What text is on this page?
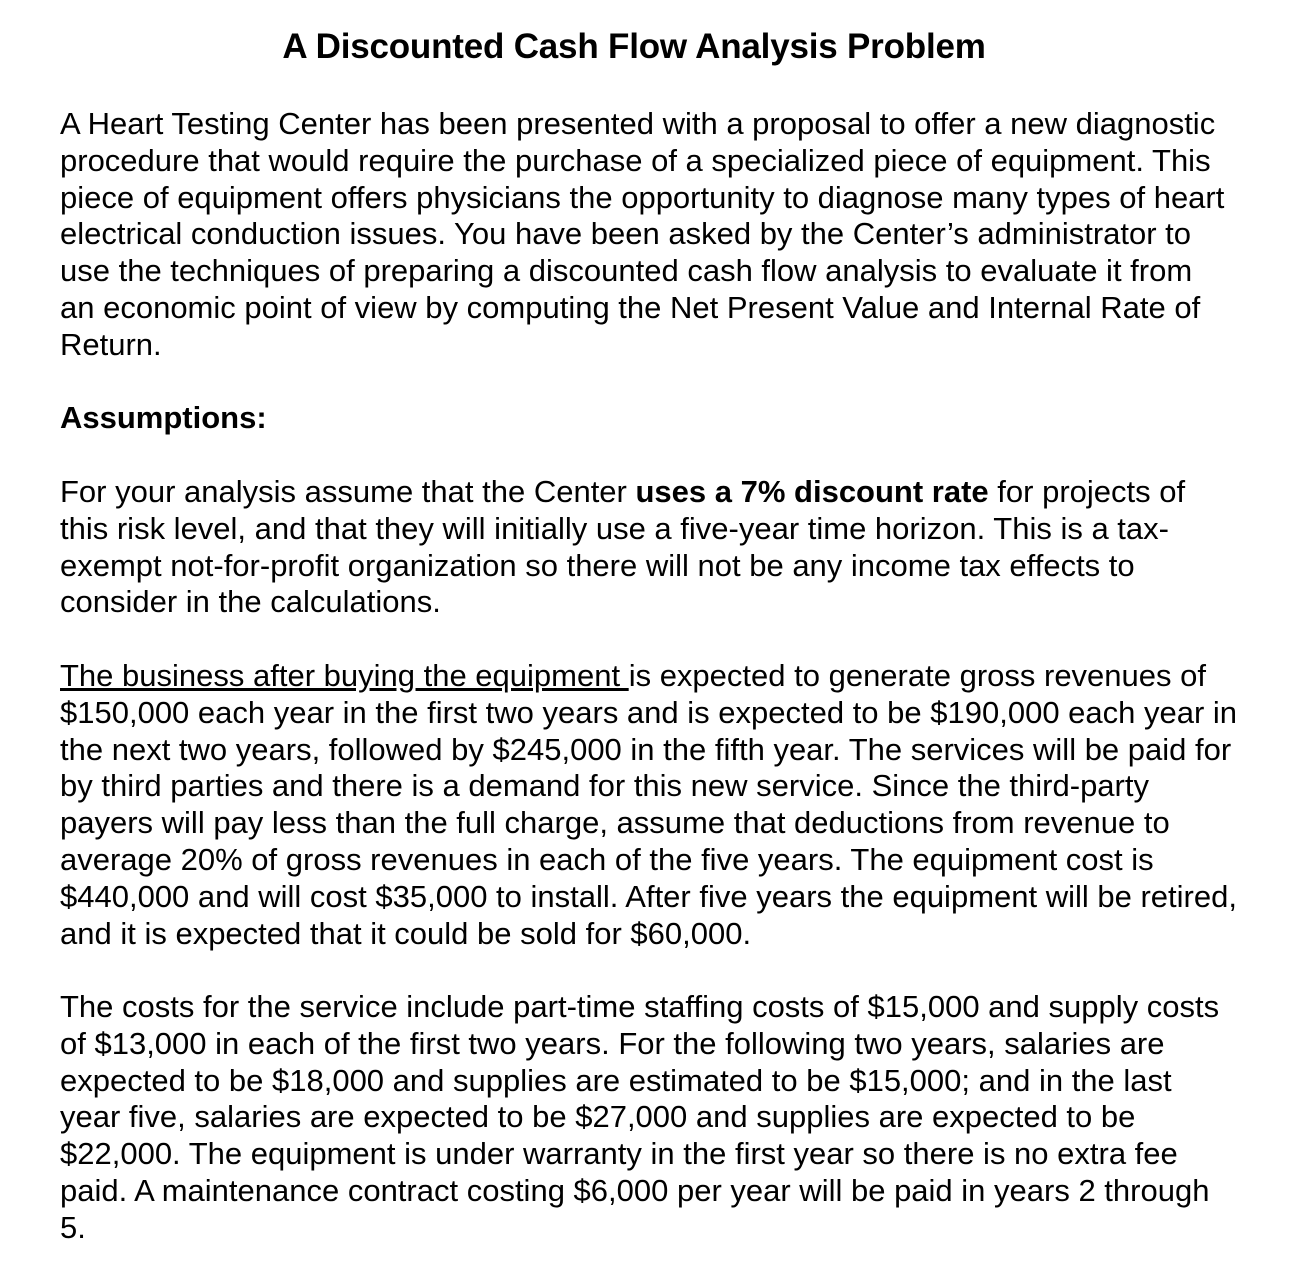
A Discounted Cash Flow Analysis Problem

A Heart Testing Center has been presented with a proposal to offer a new diagnostic procedure that would require the purchase of a specialized piece of equipment. This piece of equipment offers physicians the opportunity to diagnose many types of heart electrical conduction issues. You have been asked by the Center’s administrator to use the techniques of preparing a discounted cash flow analysis to evaluate it from an economic point of view by computing the Net Present Value and Internal Rate of Return.

Assumptions:

For your analysis assume that the Center uses a 7% discount rate for projects of this risk level, and that they will initially use a five-year time horizon. This is a tax-exempt not-for-profit organization so there will not be any income tax effects to consider in the calculations.

The business after buying the equipment is expected to generate gross revenues of $150,000 each year in the first two years and is expected to be $190,000 each year in the next two years, followed by $245,000 in the fifth year. The services will be paid for by third parties and there is a demand for this new service. Since the third-party payers will pay less than the full charge, assume that deductions from revenue to average 20% of gross revenues in each of the five years. The equipment cost is $440,000 and will cost $35,000 to install. After five years the equipment will be retired, and it is expected that it could be sold for $60,000.

The costs for the service include part-time staffing costs of $15,000 and supply costs of $13,000 in each of the first two years. For the following two years, salaries are expected to be $18,000 and supplies are estimated to be $15,000; and in the last year five, salaries are expected to be $27,000 and supplies are expected to be $22,000. The equipment is under warranty in the first year so there is no extra fee paid. A maintenance contract costing $6,000 per year will be paid in years 2 through 5.
